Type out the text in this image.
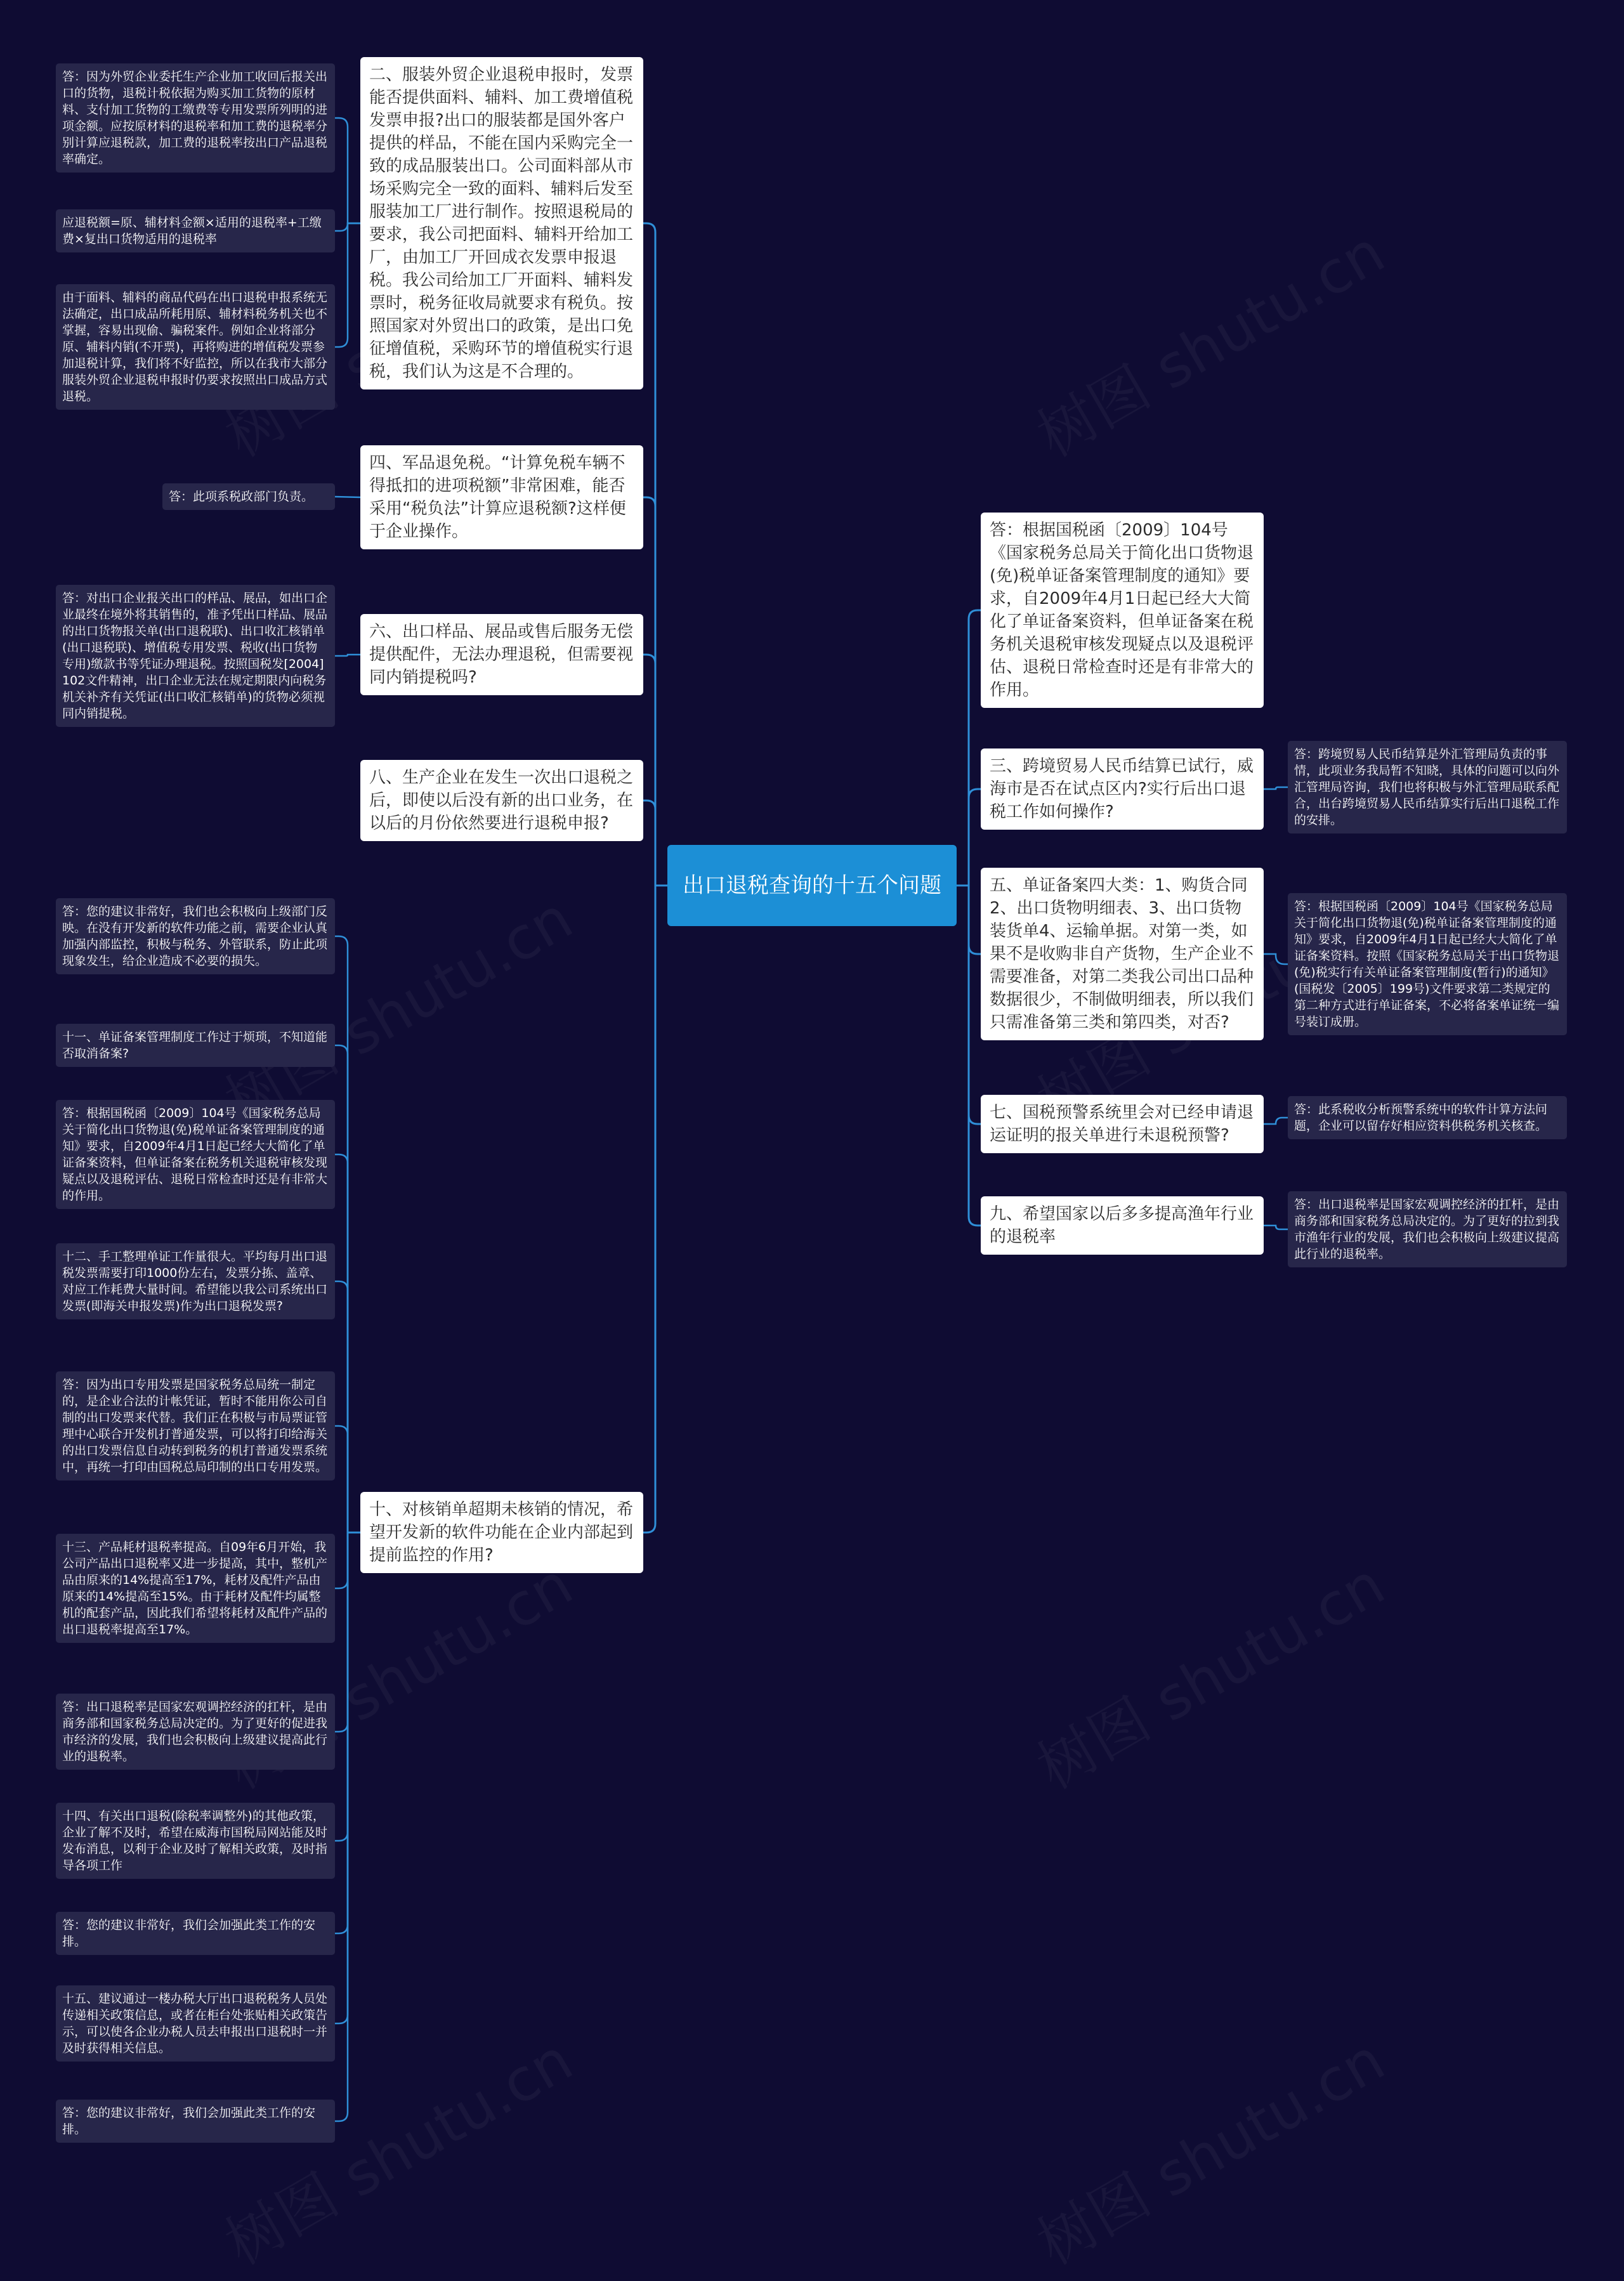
出口退税查询的十五个问题
二、服装外贸企业退税申报时，发票能否提供面料、辅料、加工费增值税发票申报?出口的服装都是国外客户提供的样品，不能在国内采购完全一致的成品服装出口。公司面料部从市场采购完全一致的面料、辅料后发至服装加工厂进行制作。按照退税局的要求，我公司把面料、辅料开给加工厂，由加工厂开回成衣发票申报退税。我公司给加工厂开面料、辅料发票时，税务征收局就要求有税负。按照国家对外贸出口的政策，是出口免征增值税，采购环节的增值税实行退税，我们认为这是不合理的。
四、军品退免税。“计算免税车辆不得抵扣的进项税额”非常困难，能否采用“税负法”计算应退税额?这样便于企业操作。
六、出口样品、展品或售后服务无偿提供配件，无法办理退税，但需要视同内销提税吗?
八、生产企业在发生一次出口退税之后，即使以后没有新的出口业务，在以后的月份依然要进行退税申报?
十、对核销单超期未核销的情况，希望开发新的软件功能在企业内部起到提前监控的作用?
答：因为外贸企业委托生产企业加工收回后报关出口的货物，退税计税依据为购买加工货物的原材料、支付加工货物的工缴费等专用发票所列明的进项金额。应按原材料的退税率和加工费的退税率分别计算应退税款，加工费的退税率按出口产品退税率确定。
应退税额=原、辅材料金额×适用的退税率+工缴费×复出口货物适用的退税率
由于面料、辅料的商品代码在出口退税申报系统无法确定，出口成品所耗用原、辅材料税务机关也不掌握，容易出现偷、骗税案件。例如企业将部分原、辅料内销(不开票)，再将购进的增值税发票参加退税计算，我们将不好监控，所以在我市大部分服装外贸企业退税申报时仍要求按照出口成品方式退税。
答：此项系税政部门负责。
答：对出口企业报关出口的样品、展品，如出口企业最终在境外将其销售的，准予凭出口样品、展品的出口货物报关单(出口退税联)、出口收汇核销单(出口退税联)、增值税专用发票、税收(出口货物专用)缴款书等凭证办理退税。按照国税发[2004]102文件精神，出口企业无法在规定期限内向税务机关补齐有关凭证(出口收汇核销单)的货物必须视同内销提税。
答：您的建议非常好，我们也会积极向上级部门反映。在没有开发新的软件功能之前，需要企业认真加强内部监控，积极与税务、外管联系，防止此项现象发生，给企业造成不必要的损失。
十一、单证备案管理制度工作过于烦琐，不知道能否取消备案?
答：根据国税函〔2009〕104号《国家税务总局关于简化出口货物退(免)税单证备案管理制度的通知》要求，自2009年4月1日起已经大大简化了单证备案资料，但单证备案在税务机关退税审核发现疑点以及退税评估、退税日常检查时还是有非常大的作用。
十二、手工整理单证工作量很大。平均每月出口退税发票需要打印1000份左右，发票分拣、盖章、对应工作耗费大量时间。希望能以我公司系统出口发票(即海关申报发票)作为出口退税发票?
答：因为出口专用发票是国家税务总局统一制定的，是企业合法的计帐凭证，暂时不能用你公司自制的出口发票来代替。我们正在积极与市局票证管理中心联合开发机打普通发票，可以将打印给海关的出口发票信息自动转到税务的机打普通发票系统中，再统一打印由国税总局印制的出口专用发票。
十三、产品耗材退税率提高。自09年6月开始，我公司产品出口退税率又进一步提高，其中，整机产品由原来的14%提高至17%，耗材及配件产品由原来的14%提高至15%。由于耗材及配件均属整机的配套产品，因此我们希望将耗材及配件产品的出口退税率提高至17%。
答：出口退税率是国家宏观调控经济的扛杆，是由商务部和国家税务总局决定的。为了更好的促进我市经济的发展，我们也会积极向上级建议提高此行业的退税率。
十四、有关出口退税(除税率调整外)的其他政策，企业了解不及时，希望在威海市国税局网站能及时发布消息，以利于企业及时了解相关政策，及时指导各项工作
答：您的建议非常好，我们会加强此类工作的安排。
十五、建议通过一楼办税大厅出口退税税务人员处传递相关政策信息，或者在柜台处张贴相关政策告示，可以使各企业办税人员去申报出口退税时一并及时获得相关信息。
答：您的建议非常好，我们会加强此类工作的安排。
答：根据国税函〔2009〕104号《国家税务总局关于简化出口货物退(免)税单证备案管理制度的通知》要求，自2009年4月1日起已经大大简化了单证备案资料，但单证备案在税务机关退税审核发现疑点以及退税评估、退税日常检查时还是有非常大的作用。
三、跨境贸易人民币结算已试行，威海市是否在试点区内?实行后出口退税工作如何操作?
五、单证备案四大类：1、购货合同2、出口货物明细表、3、出口货物装货单4、运输单据。对第一类，如果不是收购非自产货物，生产企业不需要准备，对第二类我公司出口品种数据很少，不制做明细表，所以我们只需准备第三类和第四类，对否?
七、国税预警系统里会对已经申请退运证明的报关单进行未退税预警?
九、希望国家以后多多提高渔年行业的退税率
答：跨境贸易人民币结算是外汇管理局负责的事情，此项业务我局暂不知晓，具体的问题可以向外汇管理局咨询，我们也将积极与外汇管理局联系配合，出台跨境贸易人民币结算实行后出口退税工作的安排。
答：根据国税函〔2009〕104号《国家税务总局关于简化出口货物退(免)税单证备案管理制度的通知》要求，自2009年4月1日起已经大大简化了单证备案资料。按照《国家税务总局关于出口货物退(免)税实行有关单证备案管理制度(暂行)的通知》(国税发〔2005〕199号)文件要求第二类规定的第二种方式进行单证备案，不必将备案单证统一编号装订成册。
答：此系税收分析预警系统中的软件计算方法问题，企业可以留存好相应资料供税务机关核查。
答：出口退税率是国家宏观调控经济的扛杆，是由商务部和国家税务总局决定的。为了更好的拉到我市渔年行业的发展，我们也会积极向上级建议提高此行业的退税率。
